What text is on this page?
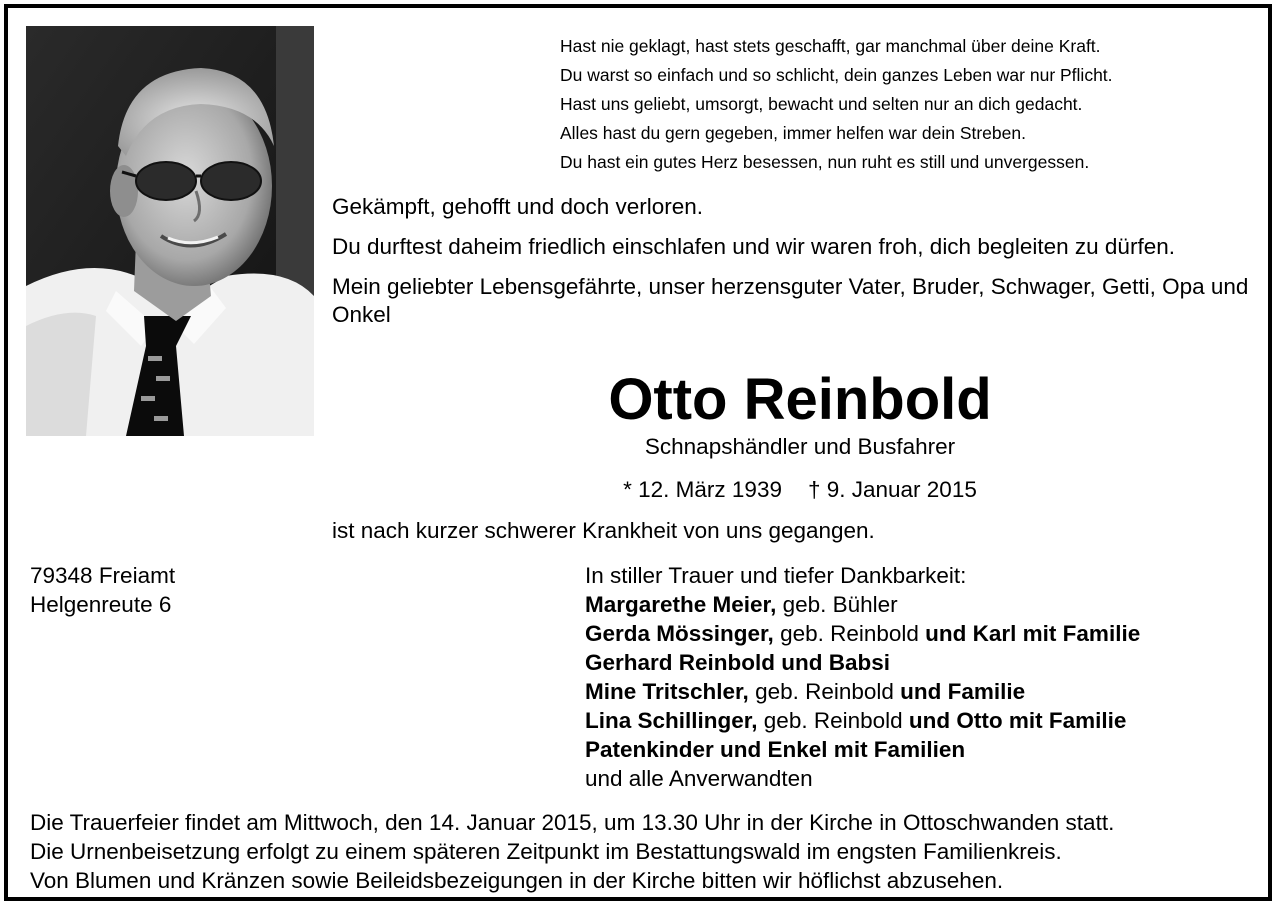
Hast nie geklagt, hast stets geschafft, gar manchmal über deine Kraft.
Du warst so einfach und so schlicht, dein ganzes Leben war nur Pflicht.
Hast uns geliebt, umsorgt, bewacht und selten nur an dich gedacht.
Alles hast du gern gegeben, immer helfen war dein Streben.
Du hast ein gutes Herz besessen, nun ruht es still und unvergessen.

Gekämpft, gehofft und doch verloren.

Du durftest daheim friedlich einschlafen und wir waren froh, dich begleiten zu dürfen.

Mein geliebter Lebensgefährte, unser herzensguter Vater, Bruder, Schwager, Getti, Opa und Onkel

Otto Reinbold
Schnapshändler und Busfahrer
* 12. März 1939 † 9. Januar 2015
ist nach kurzer schwerer Krankheit von uns gegangen.
79348 Freiamt
Helgenreute 6
In stiller Trauer und tiefer Dankbarkeit:
Margarethe Meier, geb. Bühler
Gerda Mössinger, geb. Reinbold und Karl mit Familie
Gerhard Reinbold und Babsi
Mine Tritschler, geb. Reinbold und Familie
Lina Schillinger, geb. Reinbold und Otto mit Familie
Patenkinder und Enkel mit Familien
und alle Anverwandten
Die Trauerfeier findet am Mittwoch, den 14. Januar 2015, um 13.30 Uhr in der Kirche in Ottoschwanden statt.
Die Urnenbeisetzung erfolgt zu einem späteren Zeitpunkt im Bestattungswald im engsten Familienkreis.
Von Blumen und Kränzen sowie Beileidsbezeigungen in der Kirche bitten wir höflichst abzusehen.
